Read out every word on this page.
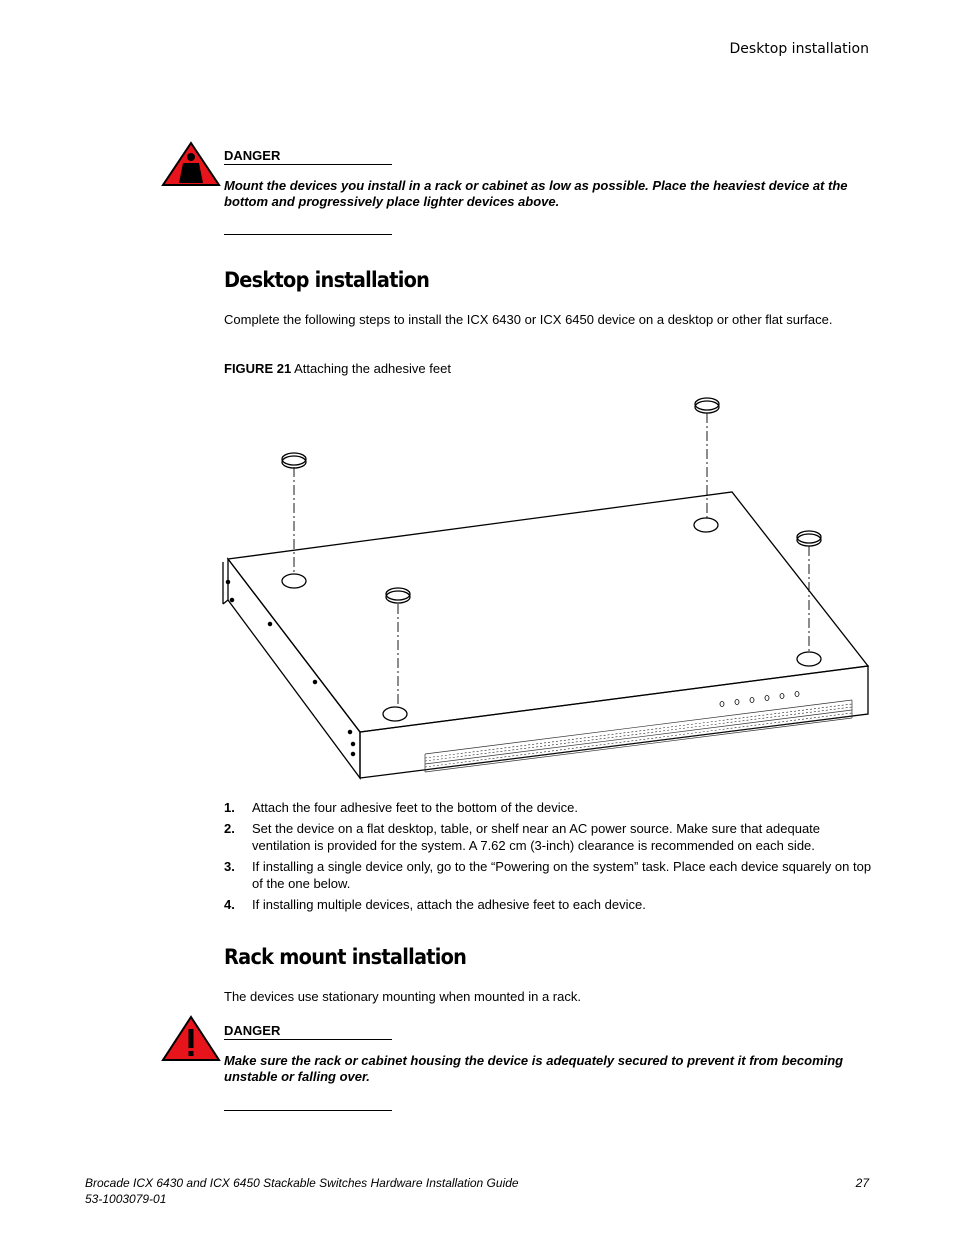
Desktop installation
DANGER
Mount the devices you install in a rack or cabinet as low as possible. Place the heaviest device at the bottom and progressively place lighter devices above.
Desktop installation
Complete the following steps to install the ICX 6430 or ICX 6450 device on a desktop or other flat surface.
FIGURE 21 Attaching the adhesive feet
1.	Attach the four adhesive feet to the bottom of the device.
2.	Set the device on a flat desktop, table, or shelf near an AC power source. Make sure that adequate ventilation is provided for the system. A 7.62 cm (3-inch) clearance is recommended on each side.
3.	If installing a single device only, go to the “Powering on the system” task. Place each device squarely on top of the one below.
4.	If installing multiple devices, attach the adhesive feet to each device.
Rack mount installation
The devices use stationary mounting when mounted in a rack.
DANGER
Make sure the rack or cabinet housing the device is adequately secured to prevent it from becoming unstable or falling over.
Brocade ICX 6430 and ICX 6450 Stackable Switches Hardware Installation Guide
53-1003079-01
27
